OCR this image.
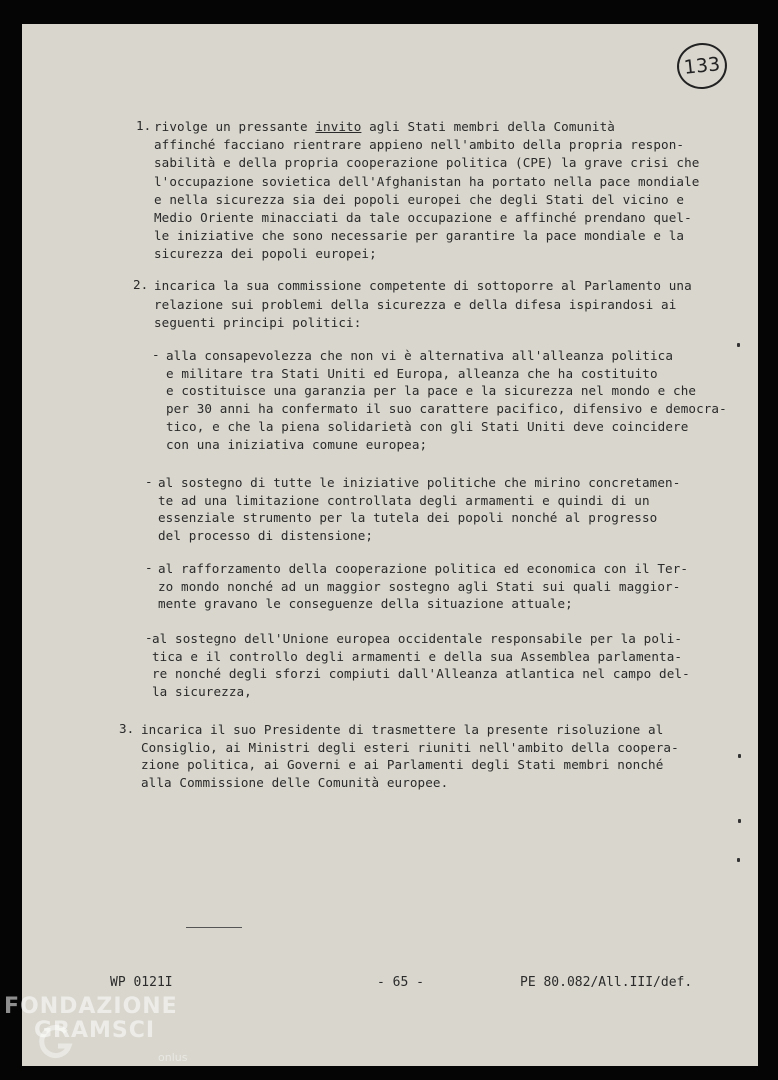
133
1. rivolge un pressante invito agli Stati membri della Comunità
affinché facciano rientrare appieno nell'ambito della propria respon-
sabilità e della propria cooperazione politica (CPE) la grave crisi che
l'occupazione sovietica dell'Afghanistan ha portato nella pace mondiale
e nella sicurezza sia dei popoli europei che degli Stati del vicino e
Medio Oriente minacciati da tale occupazione e affinché prendano quel-
le iniziative che sono necessarie per garantire la pace mondiale e la
sicurezza dei popoli europei;
2. incarica la sua commissione competente di sottoporre al Parlamento una
relazione sui problemi della sicurezza e della difesa ispirandosi ai
seguenti principi politici:
- alla consapevolezza che non vi è alternativa all'alleanza politica
e militare tra Stati Uniti ed Europa, alleanza che ha costituito
e costituisce una garanzia per la pace e la sicurezza nel mondo e che
per 30 anni ha confermato il suo carattere pacifico, difensivo e democra-
tico, e che la piena solidarietà con gli Stati Uniti deve coincidere
con una iniziativa comune europea;
- al sostegno di tutte le iniziative politiche che mirino concretamen-
te ad una limitazione controllata degli armamenti e quindi di un
essenziale strumento per la tutela dei popoli nonché al progresso
del processo di distensione;
- al rafforzamento della cooperazione politica ed economica con il Ter-
zo mondo nonché ad un maggior sostegno agli Stati sui quali maggior-
mente gravano le conseguenze della situazione attuale;
- al sostegno dell'Unione europea occidentale responsabile per la poli-
tica e il controllo degli armamenti e della sua Assemblea parlamenta-
re nonché degli sforzi compiuti dall'Alleanza atlantica nel campo del-
la sicurezza,
3. incarica il suo Presidente di trasmettere la presente risoluzione al
Consiglio, ai Ministri degli esteri riuniti nell'ambito della coopera-
zione politica, ai Governi e ai Parlamenti degli Stati membri nonché
alla Commissione delle Comunità europee.
WP 0121I	- 65 -	PE 80.082/All.III/def.
FONDAZIONE
GRAMSCI
onlus
